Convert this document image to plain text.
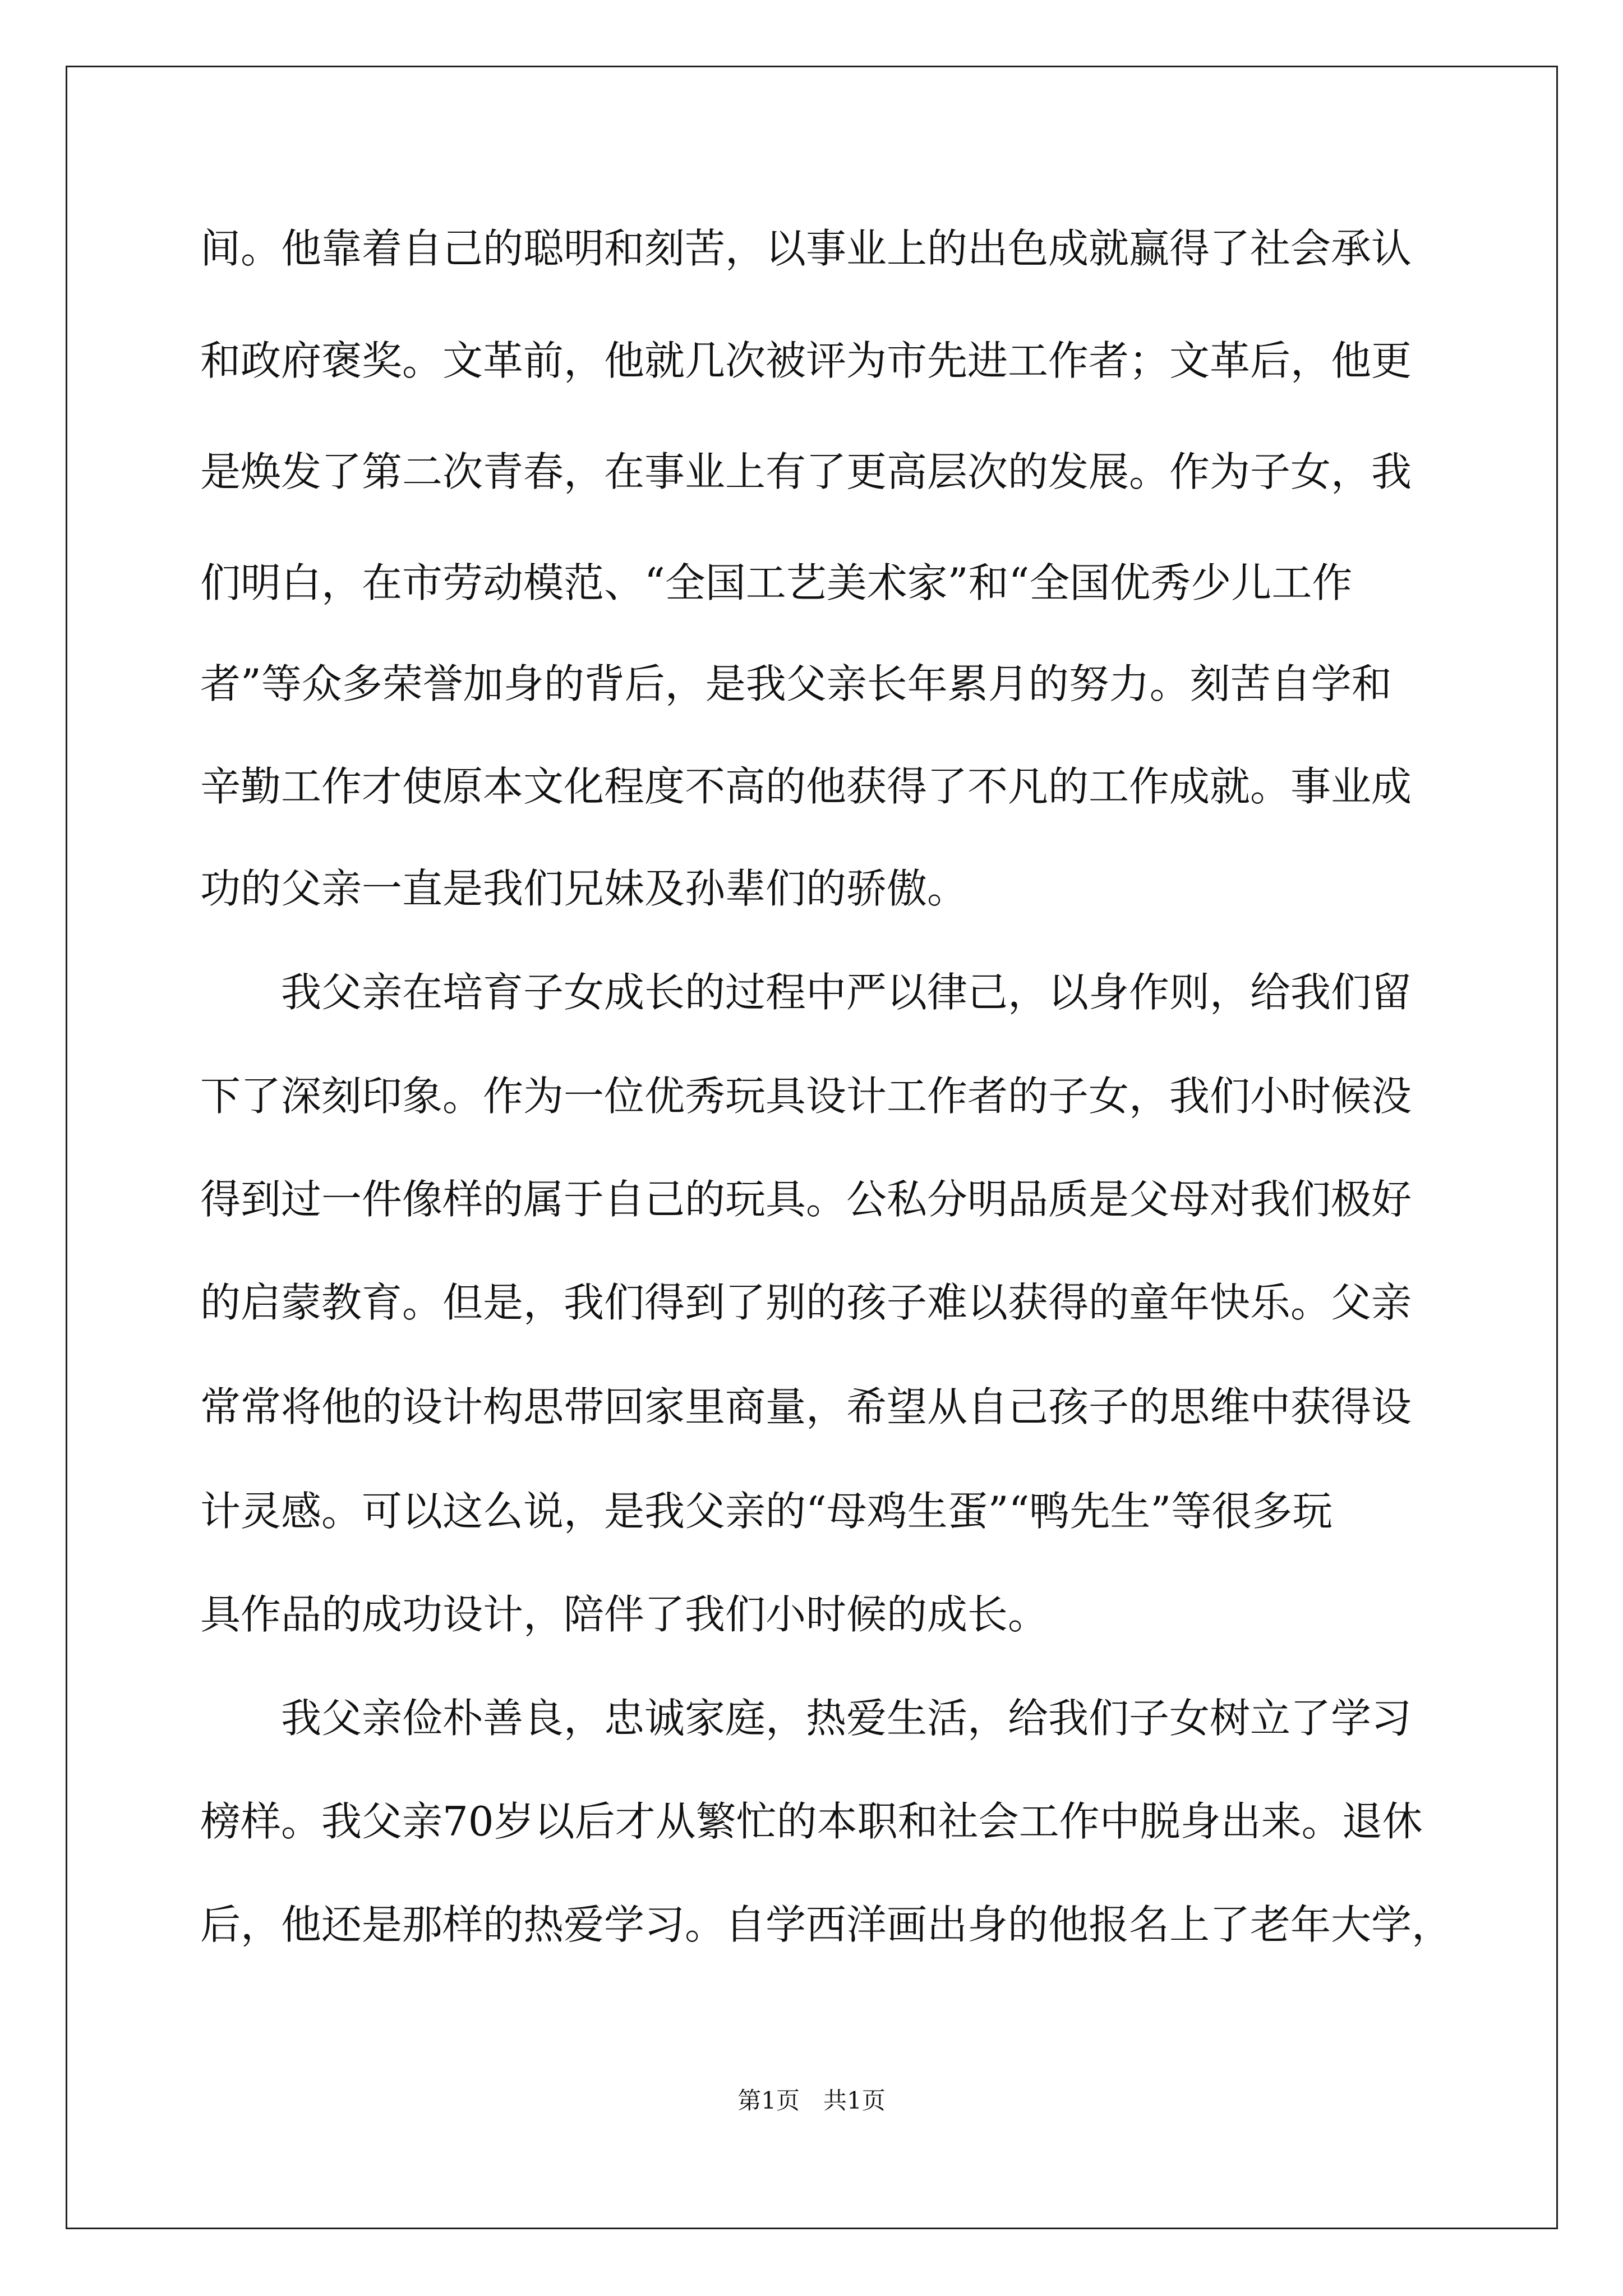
间。他靠着自己的聪明和刻苦，以事业上的出色成就赢得了社会承认
和政府褒奖。文革前，他就几次被评为市先进工作者；文革后，他更
是焕发了第二次青春，在事业上有了更高层次的发展。作为子女，我
们明白，在市劳动模范、“全国工艺美术家”和“全国优秀少儿工作
者”等众多荣誉加身的背后，是我父亲长年累月的努力。刻苦自学和
辛勤工作才使原本文化程度不高的他获得了不凡的工作成就。事业成
功的父亲一直是我们兄妹及孙辈们的骄傲。
　　我父亲在培育子女成长的过程中严以律己，以身作则，给我们留
下了深刻印象。作为一位优秀玩具设计工作者的子女，我们小时候没
得到过一件像样的属于自己的玩具。公私分明品质是父母对我们极好
的启蒙教育。但是，我们得到了别的孩子难以获得的童年快乐。父亲
常常将他的设计构思带回家里商量，希望从自己孩子的思维中获得设
计灵感。可以这么说，是我父亲的“母鸡生蛋”“鸭先生”等很多玩
具作品的成功设计，陪伴了我们小时候的成长。
　　我父亲俭朴善良，忠诚家庭，热爱生活，给我们子女树立了学习
榜样。我父亲70岁以后才从繁忙的本职和社会工作中脱身出来。退休
后，他还是那样的热爱学习。自学西洋画出身的他报名上了老年大学，
第1页　共1页
